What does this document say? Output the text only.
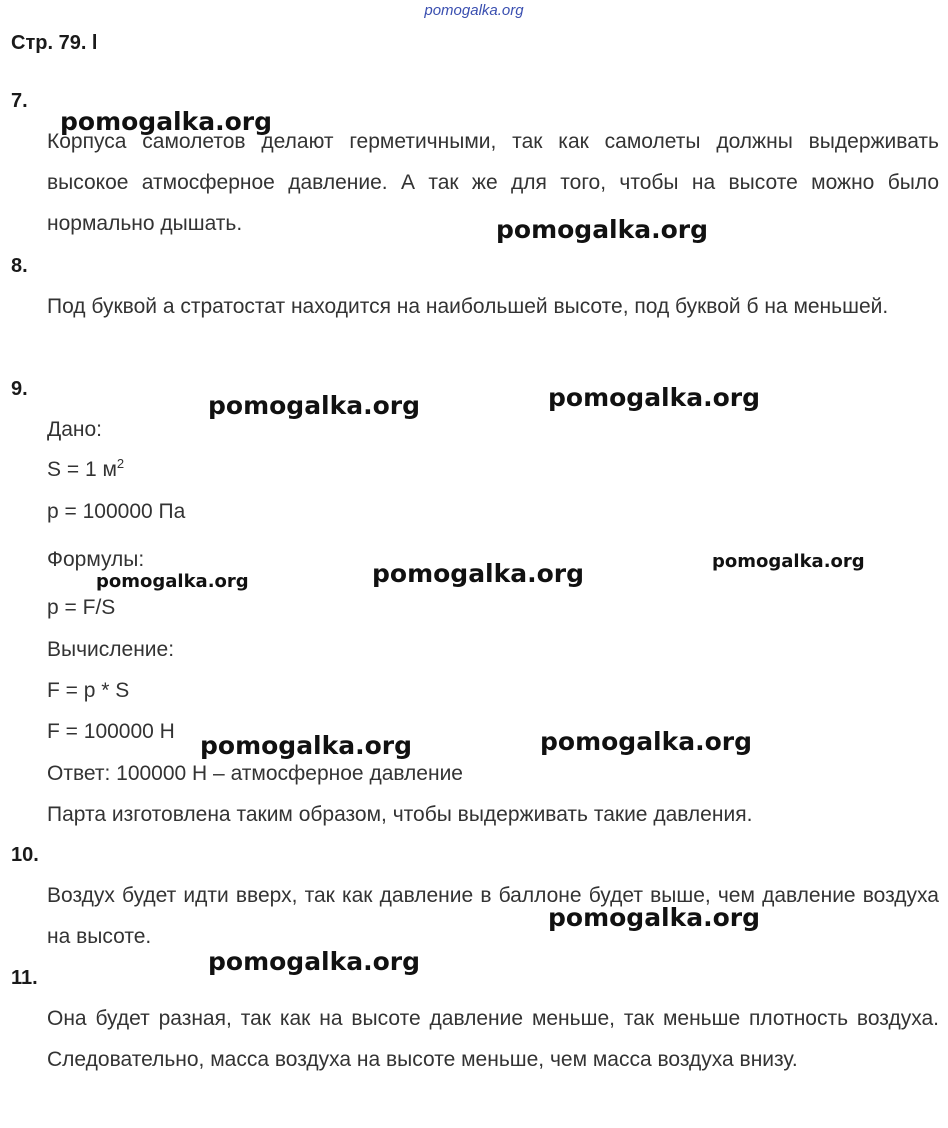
pomogalka.org
Стр. 79. l
7.
Корпуса самолетов делают герметичными, так как самолеты должны выдерживать высокое атмосферное давление. А так же для того, чтобы на высоте можно было нормально дышать.
8.
Под буквой а стратостат находится на наибольшей высоте, под буквой б на меньшей.
9.
Дано:
S = 1 $м^2$
p = 100000 Па
Формулы:
p = F/S
Вычисление:
F = p * S
F = 100000 Н
Ответ: 100000 Н – атмосферное давление
Парта изготовлена таким образом, чтобы выдерживать такие давления.
10.
Воздух будет идти вверх, так как давление в баллоне будет выше, чем давление воздуха на высоте.
11.
Она будет разная, так как на высоте давление меньше, так меньше плотность воздуха. Следовательно, масса воздуха на высоте меньше, чем масса воздуха внизу.
pomogalka.org
pomogalka.org
pomogalka.org	pomogalka.org
pomogalka.org
pomogalka.org
pomogalka.org
pomogalka.org	pomogalka.org
pomogalka.org
pomogalka.org
